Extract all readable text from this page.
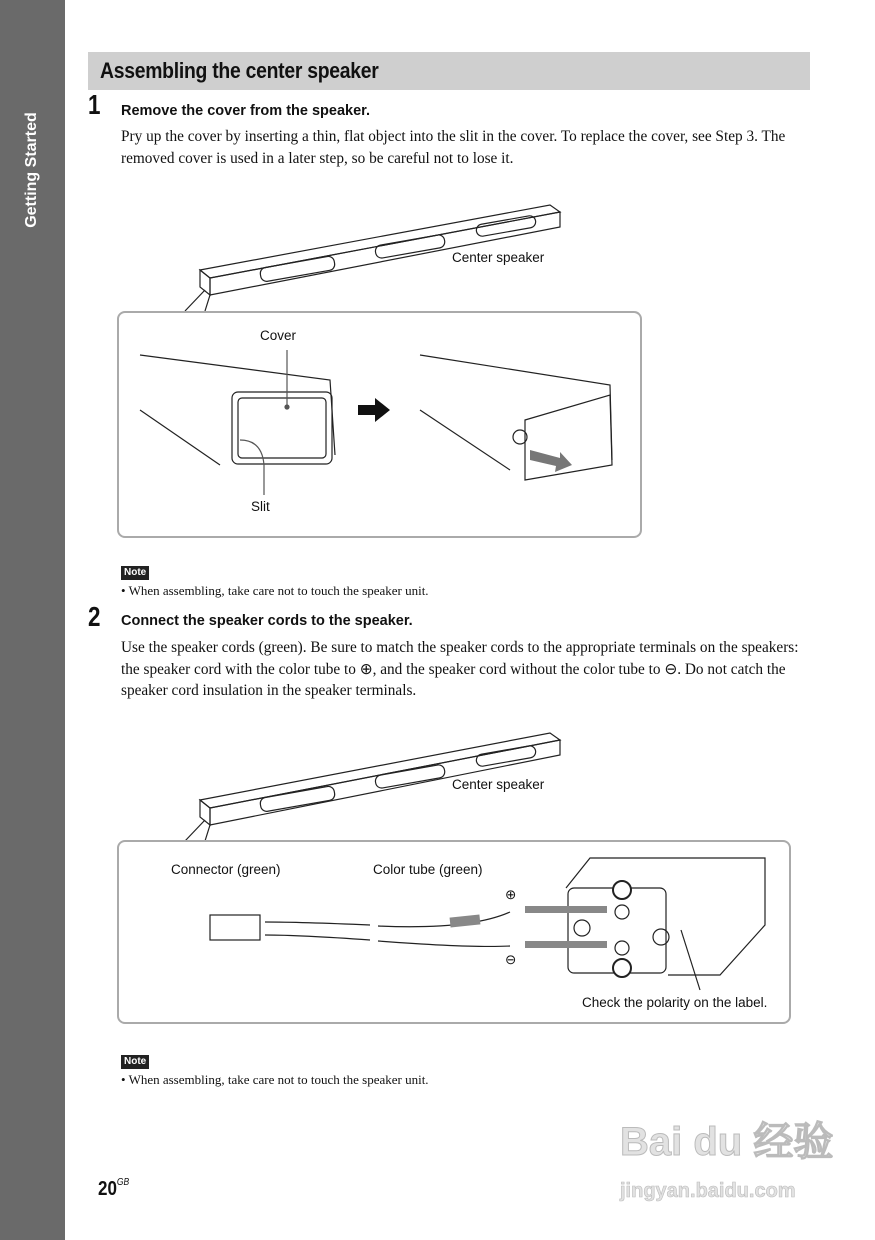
Getting Started
Assembling the center speaker
1 Remove the cover from the speaker.
Pry up the cover by inserting a thin, flat object into the slit in the cover. To replace the cover, see Step 3. The removed cover is used in a later step, so be careful not to lose it.
Center speaker
Cover
Slit
Note
• When assembling, take care not to touch the speaker unit.
2 Connect the speaker cords to the speaker.
Use the speaker cords (green). Be sure to match the speaker cords to the appropriate terminals on the speakers: the speaker cord with the color tube to ⊕, and the speaker cord without the color tube to ⊖. Do not catch the speaker cord insulation in the speaker terminals.
Center speaker
Connector (green)	Color tube (green)
⊕
⊖
Check the polarity on the label.
Note
• When assembling, take care not to touch the speaker unit.
$20^{GB}$
Bai du 经验
jingyan.baidu.com
